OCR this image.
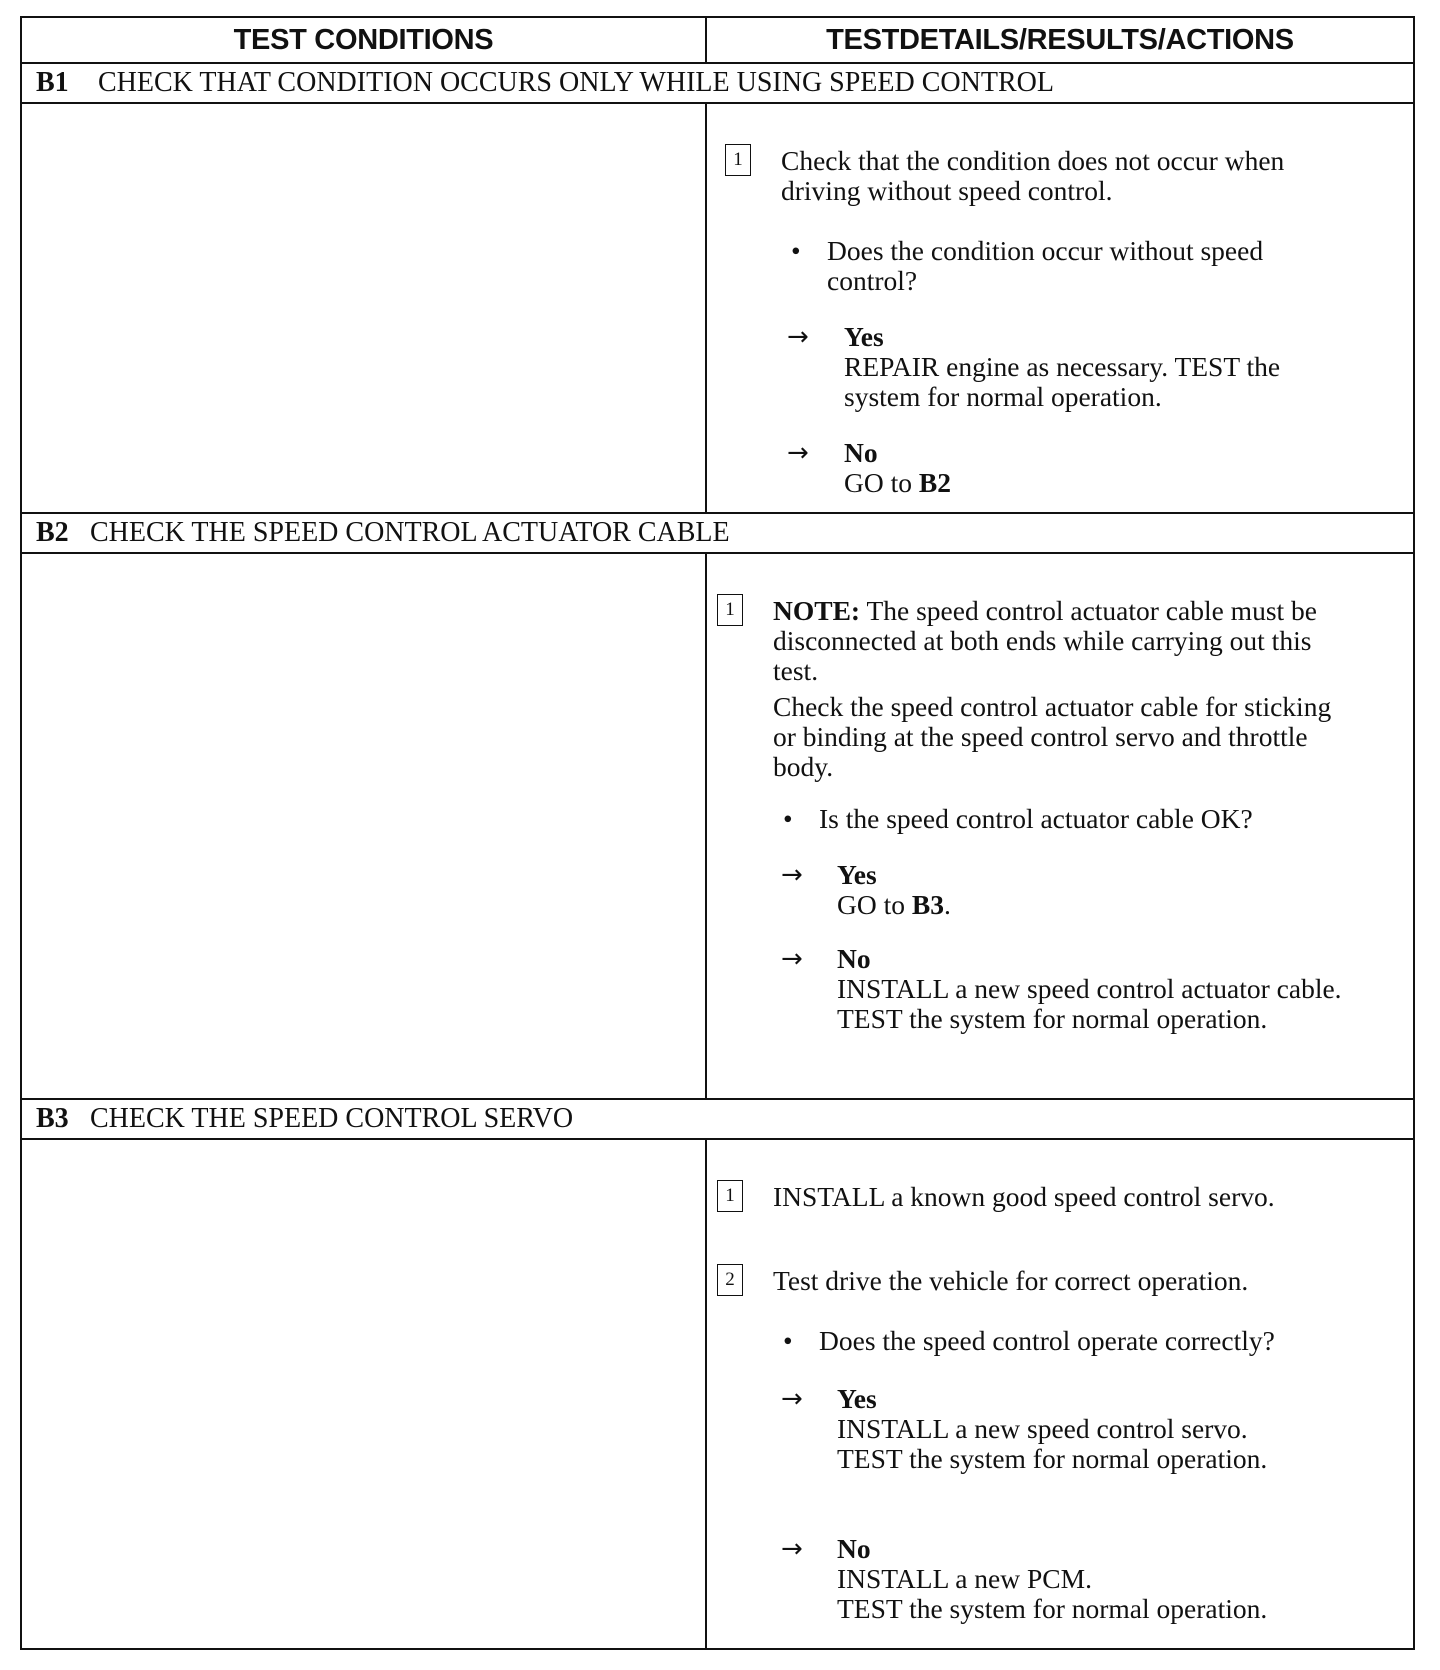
TEST CONDITIONS	TESTDETAILS/RESULTS/ACTIONS
B1	CHECK THAT CONDITION OCCURS ONLY WHILE USING SPEED CONTROL
1	Check that the condition does not occur when
driving without speed control.
• Does the condition occur without speed
control?
→ Yes
REPAIR engine as necessary. TEST the
system for normal operation.
→ No
GO to B2
B2 CHECK THE SPEED CONTROL ACTUATOR CABLE
1	NOTE: The speed control actuator cable must be
disconnected at both ends while carrying out this
test.
Check the speed control actuator cable for sticking
or binding at the speed control servo and throttle
body.
• Is the speed control actuator cable OK?
→ Yes
GO to B3.
→ No
INSTALL a new speed control actuator cable.
TEST the system for normal operation.
B3 CHECK THE SPEED CONTROL SERVO
1	INSTALL a known good speed control servo.
2	Test drive the vehicle for correct operation.
• Does the speed control operate correctly?
→ Yes
INSTALL a new speed control servo.
TEST the system for normal operation.
→ No
INSTALL a new PCM.
TEST the system for normal operation.
